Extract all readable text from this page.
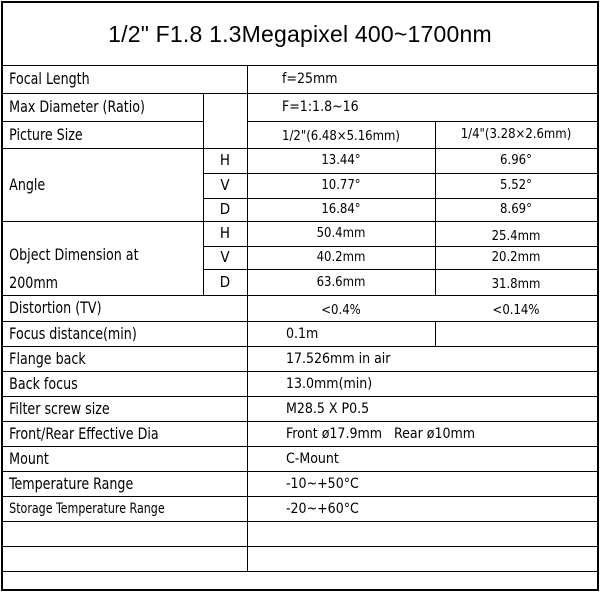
1/2" F1.8 1.3Megapixel 400~1700nm
Focal Length	f=25mm
Max Diameter (Ratio)	F=1:1.8~16
Picture Size	1/2"(6.48×5.16mm)	1/4"(3.28×2.6mm)
Angle
H	13.44°	6.96°
V	10.77°	5.52°
D	16.84°	8.69°
Object Dimension at
200mm
H	50.4mm	25.4mm
V	40.2mm	20.2mm
D	63.6mm	31.8mm
Distortion (TV)	<0.4%	<0.14%
Focus distance(min)	0.1m
Flange back	17.526mm in air
Back focus	13.0mm(min)
Filter screw size	M28.5 X P0.5
Front/Rear Effective Dia	Front ø17.9mm   Rear ø10mm
Mount	C-Mount
Temperature Range	-10~+50°C
Storage Temperature Range	-20~+60°C
